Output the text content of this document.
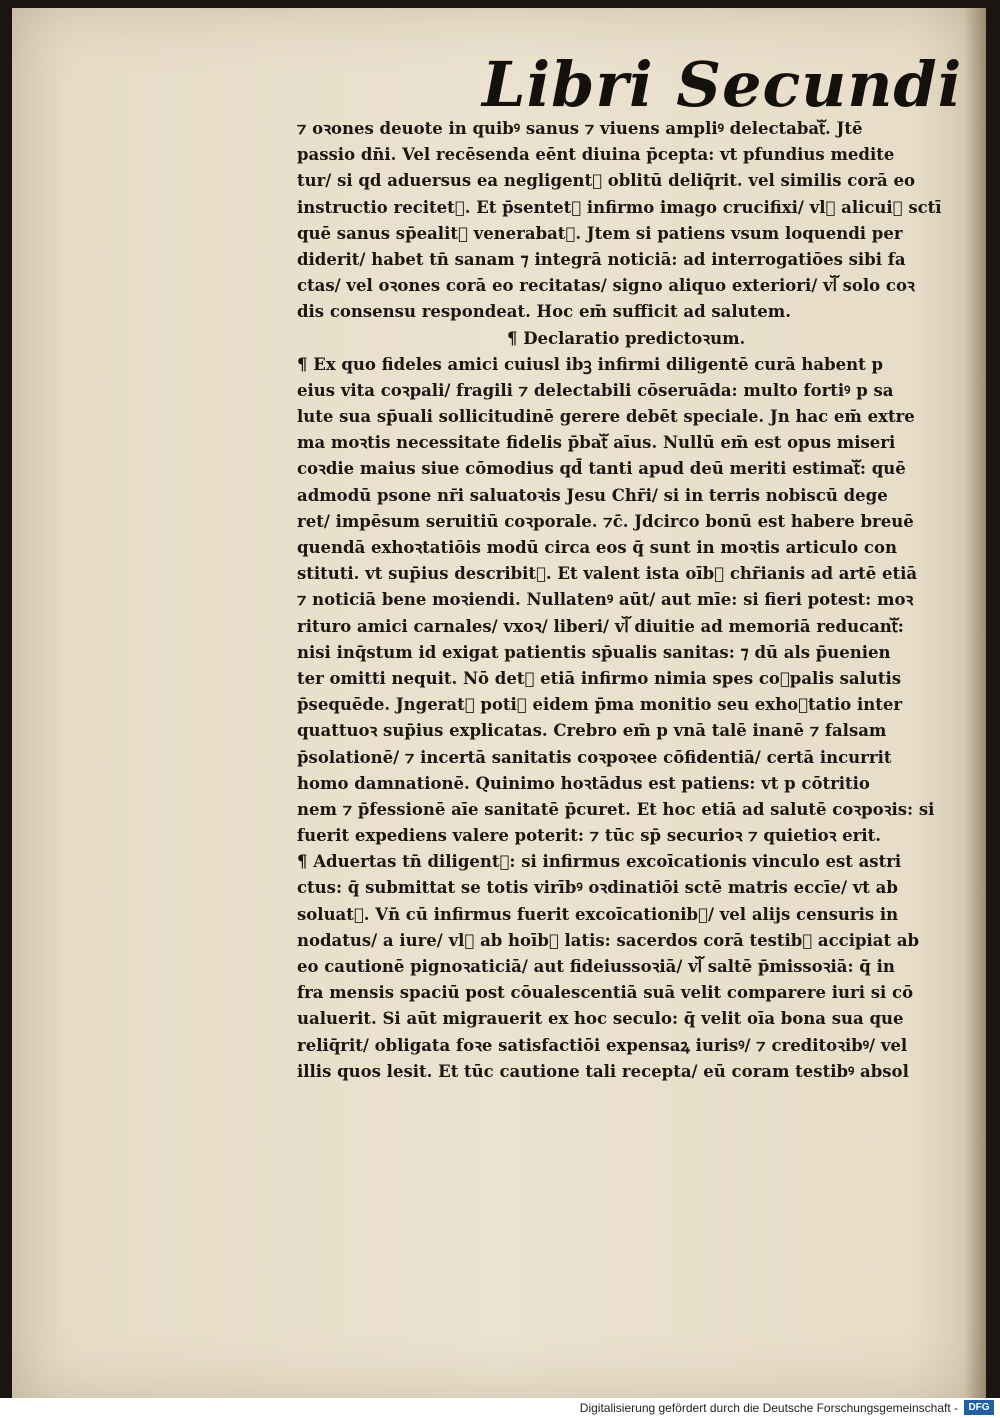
Libri Secundi
⁊ oꝛones deuote in quibꝰ sanus ⁊ viuens ampliꝰ delectabatᷓ. Jtē
passio dn̄i. Vel recēsenda eēnt diuina p̄cepta: vt pfundius medite
tur/ si qd aduersus ea negligentᷓ oblitū deliq̄rit. vel similis corā eo
instructio recitetᷓ. Et p̄sentetᷓ infirmo imago crucifixi/ vlᷓ alicuiꝰ sctī
quē sanus sp̄ealitᷓ venerabatᷓ. Jtem si patiens vsum loquendi per
diderit/ habet tn̄ sanam ⁊ integrā noticiā: ad interrogatiōes sibi fa
ctas/ vel oꝛones corā eo recitatas/ signo aliquo exteriori/ vlᷓ solo coꝛ
dis consensu respondeat. Hoc em̄ sufficit ad salutem.
¶ Declaratio predictoꝛum.
¶ Ex quo fideles amici cuiusl ibꝫ infirmi diligentē curā habent p
eius vita coꝛpali/ fragili ⁊ delectabili cōseruāda: multo fortiꝰ p sa
lute sua sp̄uali sollicitudinē gerere debēt speciale. Jn hac em̄ extre
ma moꝛtis necessitate fidelis p̄batᷓ aīus. Nullū em̄ est opus miseri
coꝛdie maius siue cōmodius qd̄ tanti apud deū meriti estimatᷓ: quē
admodū psone nr̄i saluatoꝛis Jesu Chr̄i/ si in terris nobiscū dege
ret/ impēsum seruitiū coꝛporale. ⁊c̄. Jdcirco bonū est habere breuē
quendā exhoꝛtatiōis modū circa eos q̄ sunt in moꝛtis articulo con
stituti. vt sup̄ius describitᷓ. Et valent ista oībꝰ chr̄ianis ad artē etiā
⁊ noticiā bene moꝛiendi. Nullatenꝰ aūt/ aut mīe: si fieri potest: moꝛ
rituro amici carnales/ vxoꝛ/ liberi/ vlᷓ diuitie ad memoriā reducantᷓ:
nisi inq̄stum id exigat patientis sp̄ualis sanitas: ⁊ dū als p̄uenien
ter omitti nequit. Nō detᷓ etiā infirmo nimia spes coꝛpalis salutis
p̄sequēde. Jngeratᷓ potiꝰ eidem p̄ma monitio seu exhoꝛtatio inter
quattuoꝛ sup̄ius explicatas. Crebro em̄ p vnā talē inanē ⁊ falsam
p̄solationē/ ⁊ incertā sanitatis coꝛpoꝛee cōfidentiā/ certā incurrit
homo damnationē. Quinimo hoꝛtādus est patiens: vt p cōtritio
nem ⁊ p̄fessionē aīe sanitatē p̄curet. Et hoc etiā ad salutē coꝛpoꝛis: si
fuerit expediens valere poterit: ⁊ tūc sp̄ securioꝛ ⁊ quietioꝛ erit.
¶ Aduertas tn̄ diligentᷓ: si infirmus excoīcationis vinculo est astri
ctus: q̄ submittat se totis virībꝰ oꝛdinatiōi sctē matris eccīe/ vt ab
soluatᷓ. Vn̄ cū infirmus fuerit excoīcationibꝰ/ vel alijs censuris in
nodatus/ a iure/ vlᷓ ab hoībꝰ latis: sacerdos corā testibꝰ accipiat ab
eo cautionē pignoꝛaticiā/ aut fideiussoꝛiā/ vlᷓ saltē p̄missoꝛiā: q̄ in
fra mensis spaciū post cōualescentiā suā velit comparere iuri si cō
ualuerit. Si aūt migrauerit ex hoc seculo: q̄ velit oīa bona sua que
reliq̄rit/ obligata foꝛe satisfactiōi expensaꝝ iurisꝰ/ ⁊ creditoꝛibꝰ/ vel
illis quos lesit. Et tūc cautione tali recepta/ eū coram testibꝰ absol
Digitalisierung gefördert durch die Deutsche Forschungsgemeinschaft -	DFG
